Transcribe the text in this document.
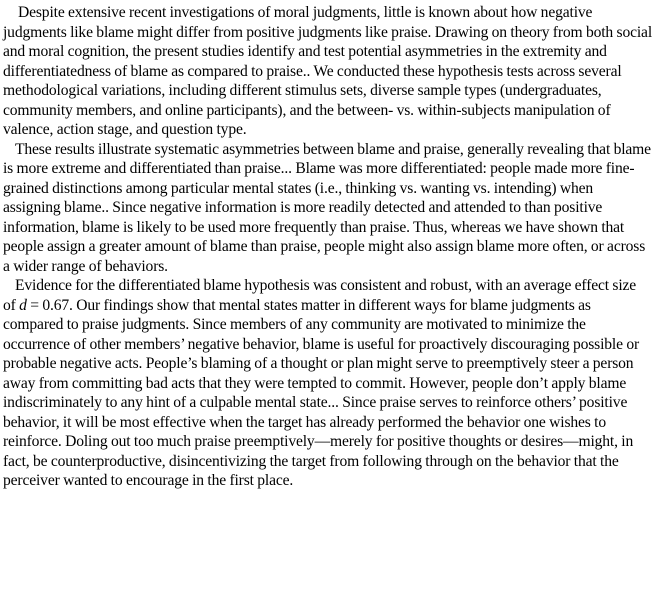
Despite extensive recent investigations of moral judgments, little is known about how negative judgments like blame might differ from positive judgments like praise. Drawing on theory from both social and moral cognition, the present studies identify and test potential asymmetries in the extremity and differentiatedness of blame as compared to praise.. We conducted these hypothesis tests across several methodological variations, including different stimulus sets, diverse sample types (undergraduates, community members, and online participants), and the between- vs. within-subjects manipulation of valence, action stage, and question type.

These results illustrate systematic asymmetries between blame and praise, generally revealing that blame is more extreme and differentiated than praise... Blame was more differentiated: people made more fine-grained distinctions among particular mental states (i.e., thinking vs. wanting vs. intending) when assigning blame.. Since negative information is more readily detected and attended to than positive information, blame is likely to be used more frequently than praise. Thus, whereas we have shown that people assign a greater amount of blame than praise, people might also assign blame more often, or across a wider range of behaviors.

Evidence for the differentiated blame hypothesis was consistent and robust, with an average effect size of d = 0.67. Our findings show that mental states matter in different ways for blame judgments as compared to praise judgments. Since members of any community are motivated to minimize the occurrence of other members’ negative behavior, blame is useful for proactively discouraging possible or probable negative acts. People’s blaming of a thought or plan might serve to preemptively steer a person away from committing bad acts that they were tempted to commit. However, people don’t apply blame indiscriminately to any hint of a culpable mental state... Since praise serves to reinforce others’ positive behavior, it will be most effective when the target has already performed the behavior one wishes to reinforce. Doling out too much praise preemptively—merely for positive thoughts or desires—might, in fact, be counterproductive, disincentivizing the target from following through on the behavior that the perceiver wanted to encourage in the first place.
